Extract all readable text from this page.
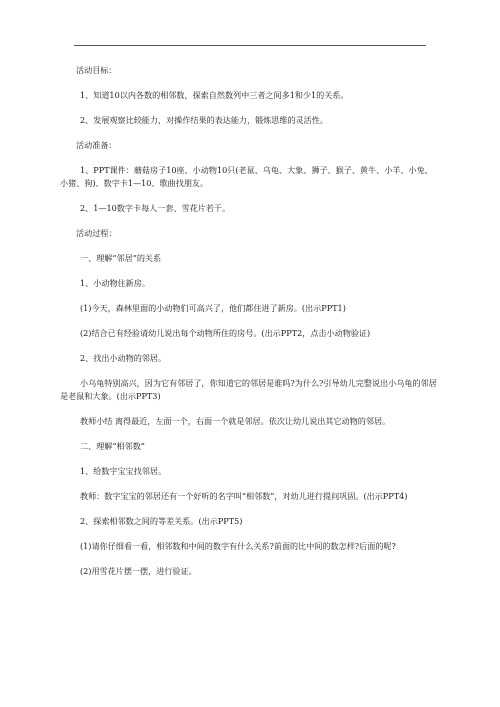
活动目标：

1、知道10以内各数的相邻数，探索自然数列中三者之间多1和少1的关系。

2、发展观察比较能力，对操作结果的表达能力，锻炼思维的灵活性。

活动准备：

1、PPT课件：蘑菇房子10座、小动物10只(老鼠、乌龟、大象、狮子、猴子、黄牛、小羊、小兔、小猪、狗)、数字卡1—10、歌曲找朋友。

2、1—10数字卡每人一套、雪花片若干。

活动过程：

一、理解“邻居”的关系

1、小动物住新房。

(1)今天，森林里面的小动物们可高兴了，他们都住进了新房。(出示PPT1)

(2)结合已有经验请幼儿说出每个动物所住的房号。(出示PPT2，点击小动物验证)

2、找出小动物的邻居。

小乌龟特别高兴，因为它有邻居了，你知道它的邻居是谁吗?为什么?引导幼儿完整说出小乌龟的邻居是老鼠和大象。(出示PPT3)

教师小结 离得最近，左面一个，右面一个就是邻居。依次让幼儿说出其它动物的邻居。

二、理解“相邻数”

1、给数字宝宝找邻居。

教师：数字宝宝的邻居还有一个好听的名字叫“相邻数”，对幼儿进行提问巩固。(出示PPT4)

2、探索相邻数之间的等差关系。(出示PPT5)

(1)请你仔细看一看，相邻数和中间的数字有什么关系?前面的比中间的数怎样?后面的呢?

(2)用雪花片摆一摆，进行验证。
